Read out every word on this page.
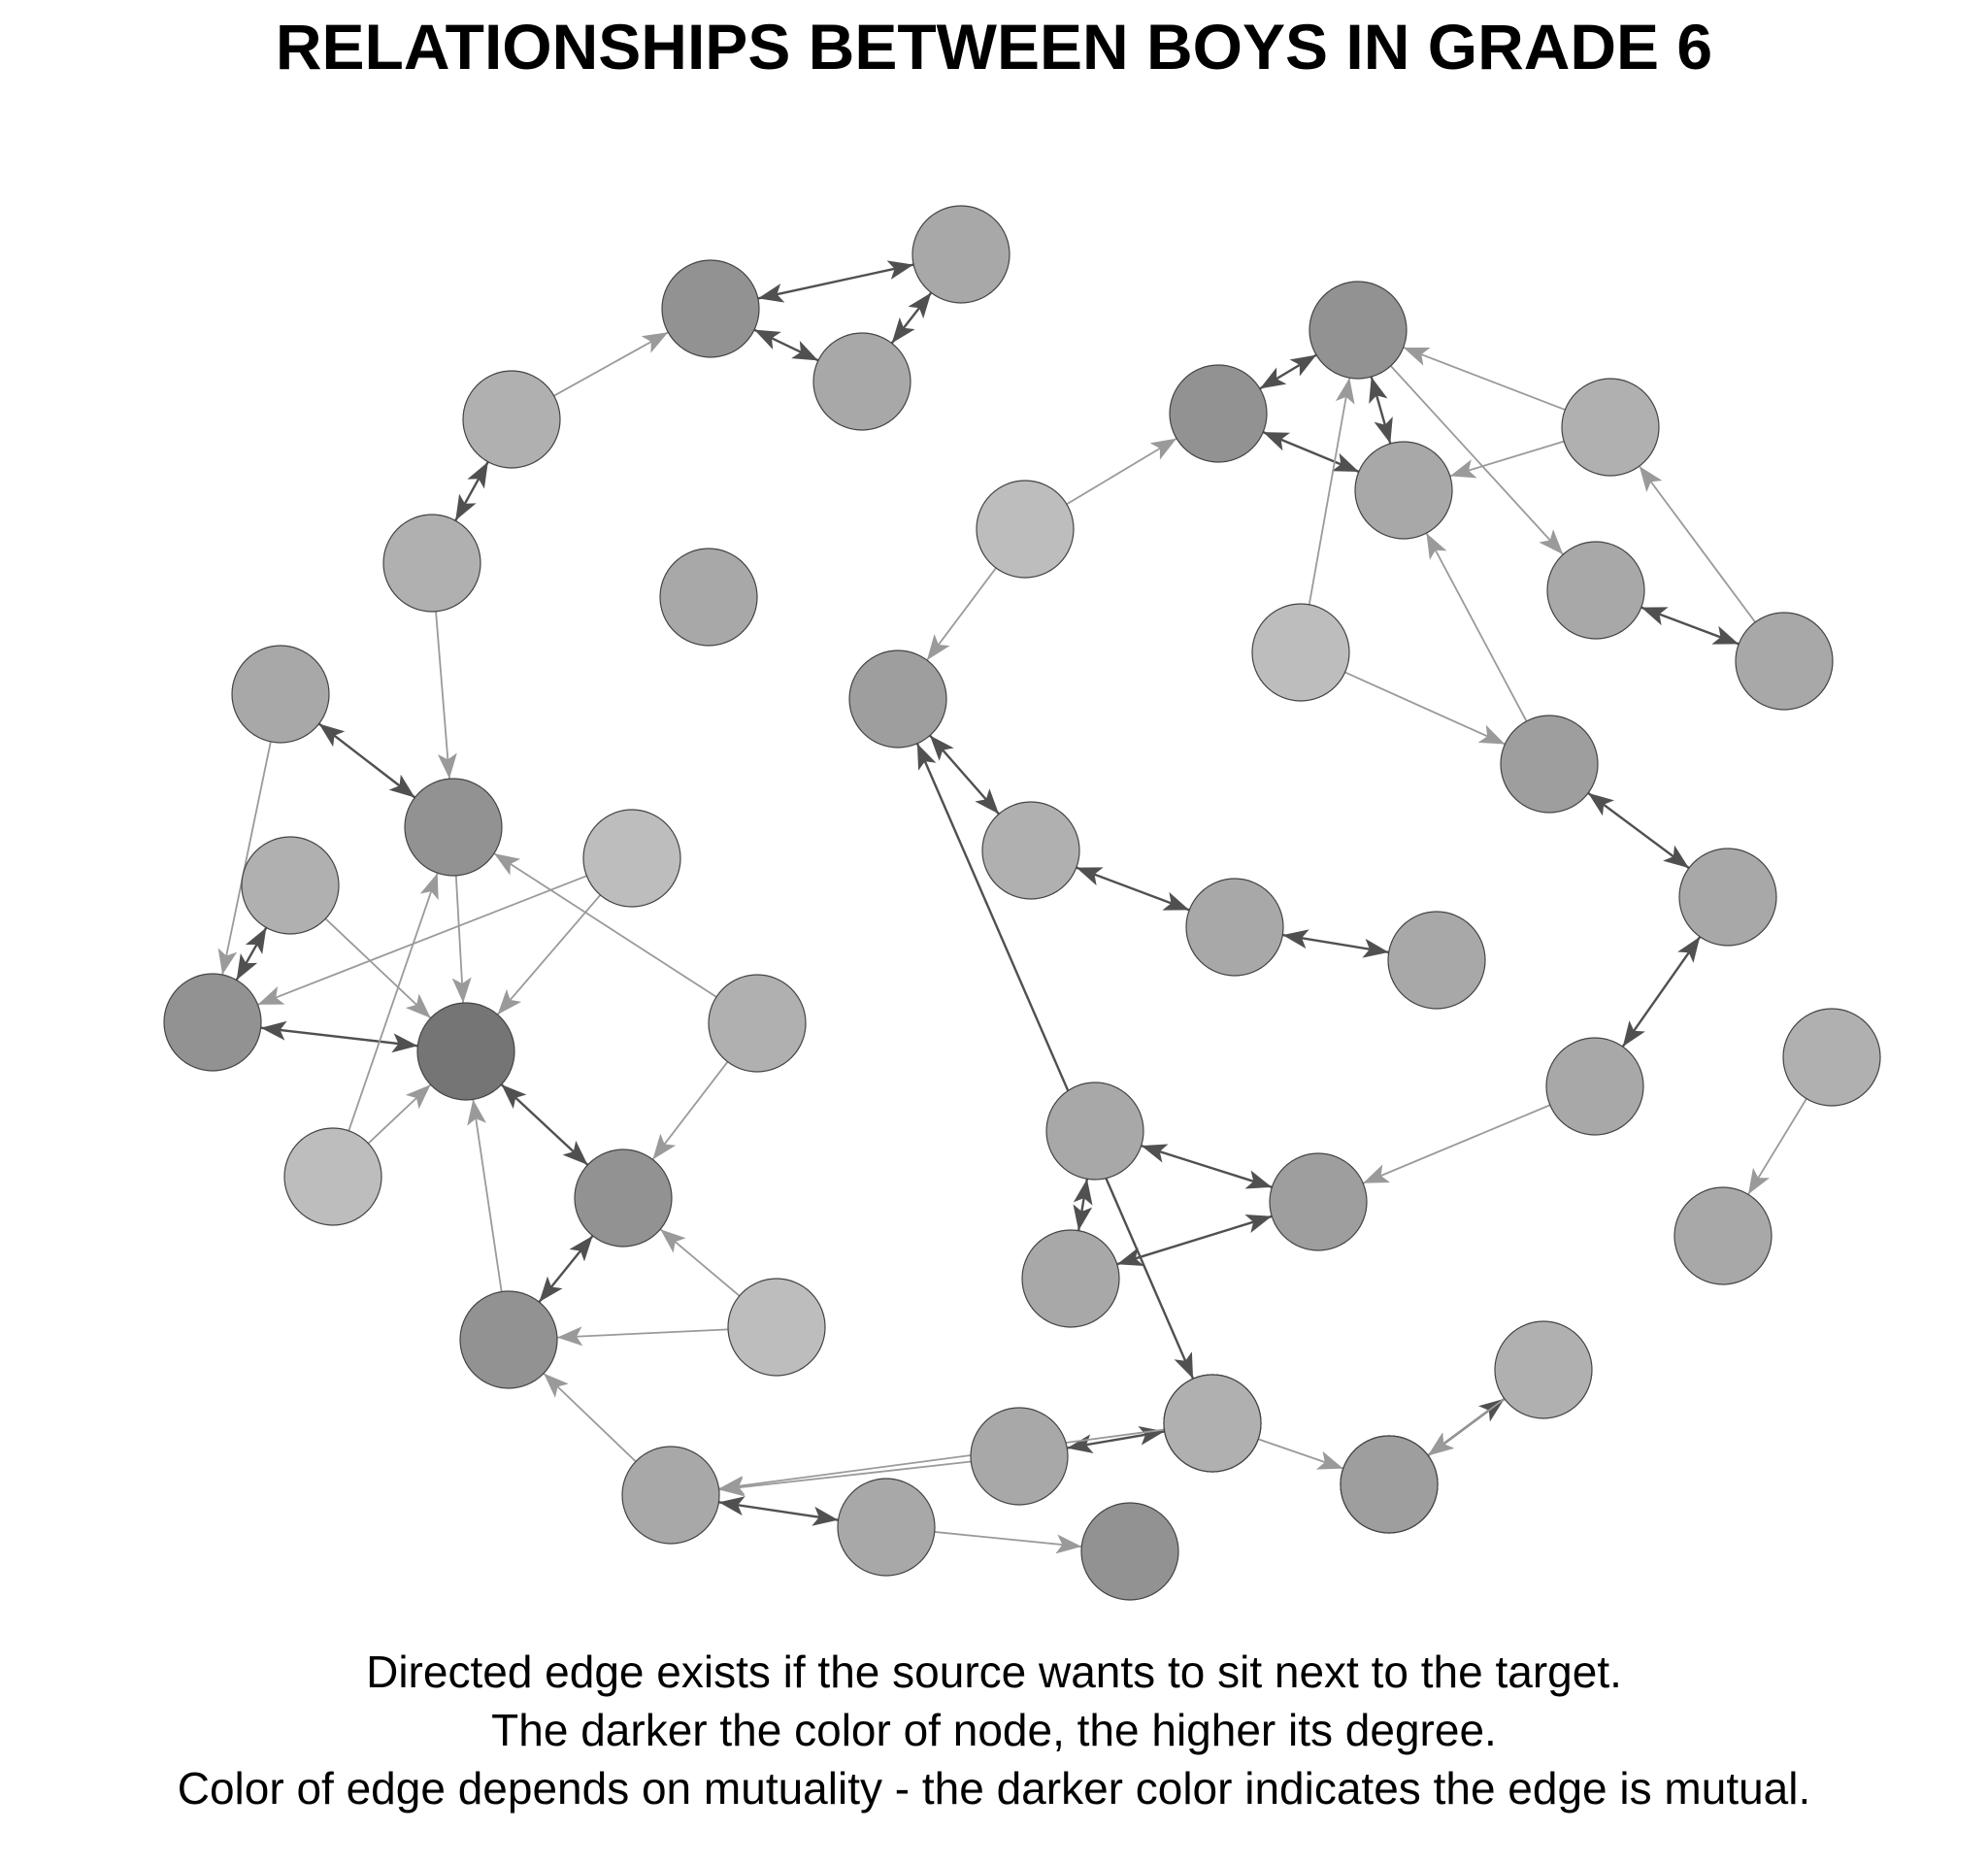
RELATIONSHIPS BETWEEN BOYS IN GRADE 6
Directed edge exists if the source wants to sit next to the target.
The darker the color of node, the higher its degree.
Color of edge depends on mutuality - the darker color indicates the edge is mutual.
